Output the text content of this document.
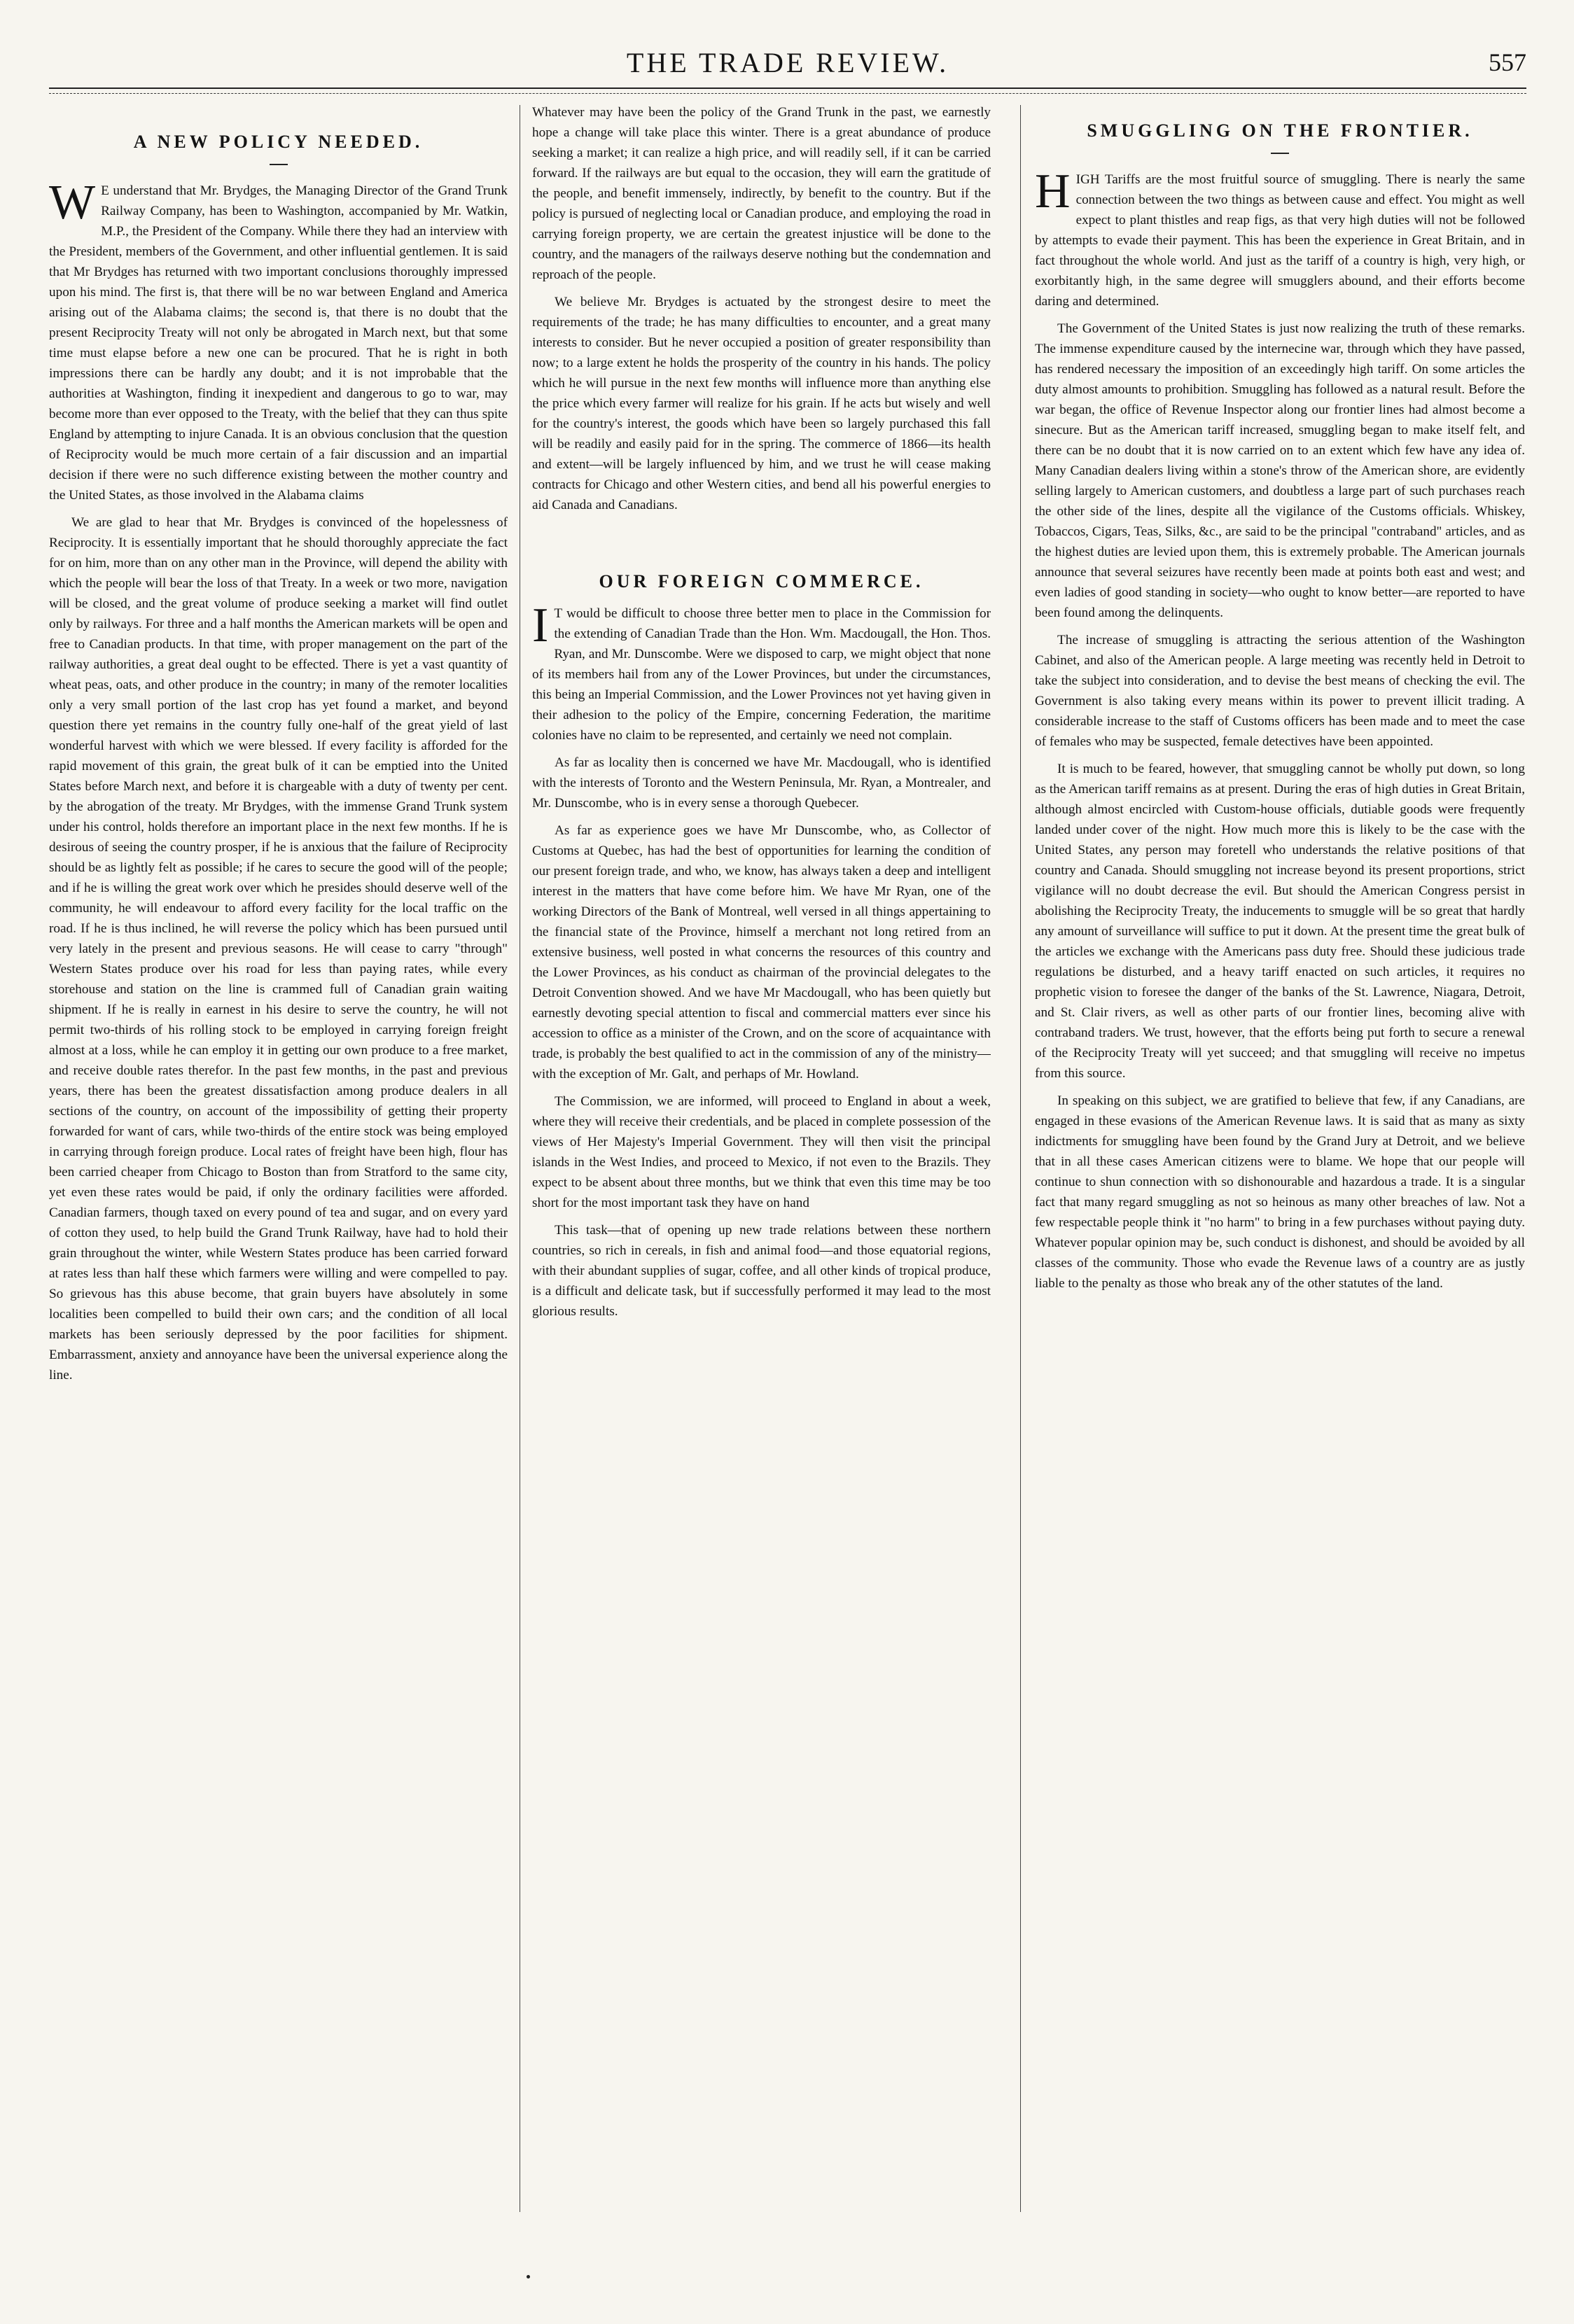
THE TRADE REVIEW.	557
A NEW POLICY NEEDED.

W E understand that Mr. Brydges, the Managing Director of the Grand Trunk Railway Company, has been to Washington, accompanied by Mr. Watkin, M.P., the President of the Company. While there they had an interview with the President, members of the Government, and other influential gentlemen. It is said that Mr Brydges has returned with two important conclusions thoroughly impressed upon his mind. The first is, that there will be no war between England and America arising out of the Alabama claims; the second is, that there is no doubt that the present Reciprocity Treaty will not only be abrogated in March next, but that some time must elapse before a new one can be procured. That he is right in both impressions there can be hardly any doubt; and it is not improbable that the authorities at Washington, finding it inexpedient and dangerous to go to war, may become more than ever opposed to the Treaty, with the belief that they can thus spite England by attempting to injure Canada. It is an obvious conclusion that the question of Reciprocity would be much more certain of a fair discussion and an impartial decision if there were no such difference existing between the mother country and the United States, as those involved in the Alabama claims

We are glad to hear that Mr. Brydges is convinced of the hopelessness of Reciprocity. It is essentially important that he should thoroughly appreciate the fact for on him, more than on any other man in the Province, will depend the ability with which the people will bear the loss of that Treaty. In a week or two more, navigation will be closed, and the great volume of produce seeking a market will find outlet only by railways. For three and a half months the American markets will be open and free to Canadian products. In that time, with proper management on the part of the railway authorities, a great deal ought to be effected. There is yet a vast quantity of wheat peas, oats, and other produce in the country; in many of the remoter localities only a very small portion of the last crop has yet found a market, and beyond question there yet remains in the country fully one-half of the great yield of last wonderful harvest with which we were blessed. If every facility is afforded for the rapid movement of this grain, the great bulk of it can be emptied into the United States before March next, and before it is chargeable with a duty of twenty per cent. by the abrogation of the treaty. Mr Brydges, with the immense Grand Trunk system under his control, holds therefore an important place in the next few months. If he is desirous of seeing the country prosper, if he is anxious that the failure of Reciprocity should be as lightly felt as possible; if he cares to secure the good will of the people; and if he is willing the great work over which he presides should deserve well of the community, he will endeavour to afford every facility for the local traffic on the road. If he is thus inclined, he will reverse the policy which has been pursued until very lately in the present and previous seasons. He will cease to carry "through" Western States produce over his road for less than paying rates, while every storehouse and station on the line is crammed full of Canadian grain waiting shipment. If he is really in earnest in his desire to serve the country, he will not permit two-thirds of his rolling stock to be employed in carrying foreign freight almost at a loss, while he can employ it in getting our own produce to a free market, and receive double rates therefor. In the past few months, in the past and previous years, there has been the greatest dissatisfaction among produce dealers in all sections of the country, on account of the impossibility of getting their property forwarded for want of cars, while two-thirds of the entire stock was being employed in carrying through foreign produce. Local rates of freight have been high, flour has been carried cheaper from Chicago to Boston than from Stratford to the same city, yet even these rates would be paid, if only the ordinary facilities were afforded. Canadian farmers, though taxed on every pound of tea and sugar, and on every yard of cotton they used, to help build the Grand Trunk Railway, have had to hold their grain throughout the winter, while Western States produce has been carried forward at rates less than half these which farmers were willing and were compelled to pay. So grievous has this abuse become, that grain buyers have absolutely in some localities been compelled to build their own cars; and the condition of all local markets has been seriously depressed by the poor facilities for shipment. Embarrassment, anxiety and annoyance have been the universal experience along the line.

Whatever may have been the policy of the Grand Trunk in the past, we earnestly hope a change will take place this winter. There is a great abundance of produce seeking a market; it can realize a high price, and will readily sell, if it can be carried forward. If the railways are but equal to the occasion, they will earn the gratitude of the people, and benefit immensely, indirectly, by benefit to the country. But if the policy is pursued of neglecting local or Canadian produce, and employing the road in carrying foreign property, we are certain the greatest injustice will be done to the country, and the managers of the railways deserve nothing but the condemnation and reproach of the people.

We believe Mr. Brydges is actuated by the strongest desire to meet the requirements of the trade; he has many difficulties to encounter, and a great many interests to consider. But he never occupied a position of greater responsibility than now; to a large extent he holds the prosperity of the country in his hands. The policy which he will pursue in the next few months will influence more than anything else the price which every farmer will realize for his grain. If he acts but wisely and well for the country's interest, the goods which have been so largely purchased this fall will be readily and easily paid for in the spring. The commerce of 1866—its health and extent—will be largely influenced by him, and we trust he will cease making contracts for Chicago and other Western cities, and bend all his powerful energies to aid Canada and Canadians.

OUR FOREIGN COMMERCE.

I T would be difficult to choose three better men to place in the Commission for the extending of Canadian Trade than the Hon. Wm. Macdougall, the Hon. Thos. Ryan, and Mr. Dunscombe. Were we disposed to carp, we might object that none of its members hail from any of the Lower Provinces, but under the circumstances, this being an Imperial Commission, and the Lower Provinces not yet having given in their adhesion to the policy of the Empire, concerning Federation, the maritime colonies have no claim to be represented, and certainly we need not complain.

As far as locality then is concerned we have Mr. Macdougall, who is identified with the interests of Toronto and the Western Peninsula, Mr. Ryan, a Montrealer, and Mr. Dunscombe, who is in every sense a thorough Quebecer.

As far as experience goes we have Mr Dunscombe, who, as Collector of Customs at Quebec, has had the best of opportunities for learning the condition of our present foreign trade, and who, we know, has always taken a deep and intelligent interest in the matters that have come before him. We have Mr Ryan, one of the working Directors of the Bank of Montreal, well versed in all things appertaining to the financial state of the Province, himself a merchant not long retired from an extensive business, well posted in what concerns the resources of this country and the Lower Provinces, as his conduct as chairman of the provincial delegates to the Detroit Convention showed. And we have Mr Macdougall, who has been quietly but earnestly devoting special attention to fiscal and commercial matters ever since his accession to office as a minister of the Crown, and on the score of acquaintance with trade, is probably the best qualified to act in the commission of any of the ministry—with the exception of Mr. Galt, and perhaps of Mr. Howland.

The Commission, we are informed, will proceed to England in about a week, where they will receive their credentials, and be placed in complete possession of the views of Her Majesty's Imperial Government. They will then visit the principal islands in the West Indies, and proceed to Mexico, if not even to the Brazils. They expect to be absent about three months, but we think that even this time may be too short for the most important task they have on hand

This task—that of opening up new trade relations between these northern countries, so rich in cereals, in fish and animal food—and those equatorial regions, with their abundant supplies of sugar, coffee, and all other kinds of tropical produce, is a difficult and delicate task, but if successfully performed it may lead to the most glorious results.

SMUGGLING ON THE FRONTIER.

HIGH Tariffs are the most fruitful source of smuggling. There is nearly the same connection between the two things as between cause and effect. You might as well expect to plant thistles and reap figs, as that very high duties will not be followed by attempts to evade their payment. This has been the experience in Great Britain, and in fact throughout the whole world. And just as the tariff of a country is high, very high, or exorbitantly high, in the same degree will smugglers abound, and their efforts become daring and determined.

The Government of the United States is just now realizing the truth of these remarks. The immense expenditure caused by the internecine war, through which they have passed, has rendered necessary the imposition of an exceedingly high tariff. On some articles the duty almost amounts to prohibition. Smuggling has followed as a natural result. Before the war began, the office of Revenue Inspector along our frontier lines had almost become a sinecure. But as the American tariff increased, smuggling began to make itself felt, and there can be no doubt that it is now carried on to an extent which few have any idea of. Many Canadian dealers living within a stone's throw of the American shore, are evidently selling largely to American customers, and doubtless a large part of such purchases reach the other side of the lines, despite all the vigilance of the Customs officials. Whiskey, Tobaccos, Cigars, Teas, Silks, &c., are said to be the principal "contraband" articles, and as the highest duties are levied upon them, this is extremely probable. The American journals announce that several seizures have recently been made at points both east and west; and even ladies of good standing in society—who ought to know better—are reported to have been found among the delinquents.

The increase of smuggling is attracting the serious attention of the Washington Cabinet, and also of the American people. A large meeting was recently held in Detroit to take the subject into consideration, and to devise the best means of checking the evil. The Government is also taking every means within its power to prevent illicit trading. A considerable increase to the staff of Customs officers has been made and to meet the case of females who may be suspected, female detectives have been appointed.

It is much to be feared, however, that smuggling cannot be wholly put down, so long as the American tariff remains as at present. During the eras of high duties in Great Britain, although almost encircled with Custom-house officials, dutiable goods were frequently landed under cover of the night. How much more this is likely to be the case with the United States, any person may foretell who understands the relative positions of that country and Canada. Should smuggling not increase beyond its present proportions, strict vigilance will no doubt decrease the evil. But should the American Congress persist in abolishing the Reciprocity Treaty, the inducements to smuggle will be so great that hardly any amount of surveillance will suffice to put it down. At the present time the great bulk of the articles we exchange with the Americans pass duty free. Should these judicious trade regulations be disturbed, and a heavy tariff enacted on such articles, it requires no prophetic vision to foresee the danger of the banks of the St. Lawrence, Niagara, Detroit, and St. Clair rivers, as well as other parts of our frontier lines, becoming alive with contraband traders. We trust, however, that the efforts being put forth to secure a renewal of the Reciprocity Treaty will yet succeed; and that smuggling will receive no impetus from this source.

In speaking on this subject, we are gratified to believe that few, if any Canadians, are engaged in these evasions of the American Revenue laws. It is said that as many as sixty indictments for smuggling have been found by the Grand Jury at Detroit, and we believe that in all these cases American citizens were to blame. We hope that our people will continue to shun connection with so dishonourable and hazardous a trade. It is a singular fact that many regard smuggling as not so heinous as many other breaches of law. Not a few respectable people think it "no harm" to bring in a few purchases without paying duty. Whatever popular opinion may be, such conduct is dishonest, and should be avoided by all classes of the community. Those who evade the Revenue laws of a country are as justly liable to the penalty as those who break any of the other statutes of the land.
